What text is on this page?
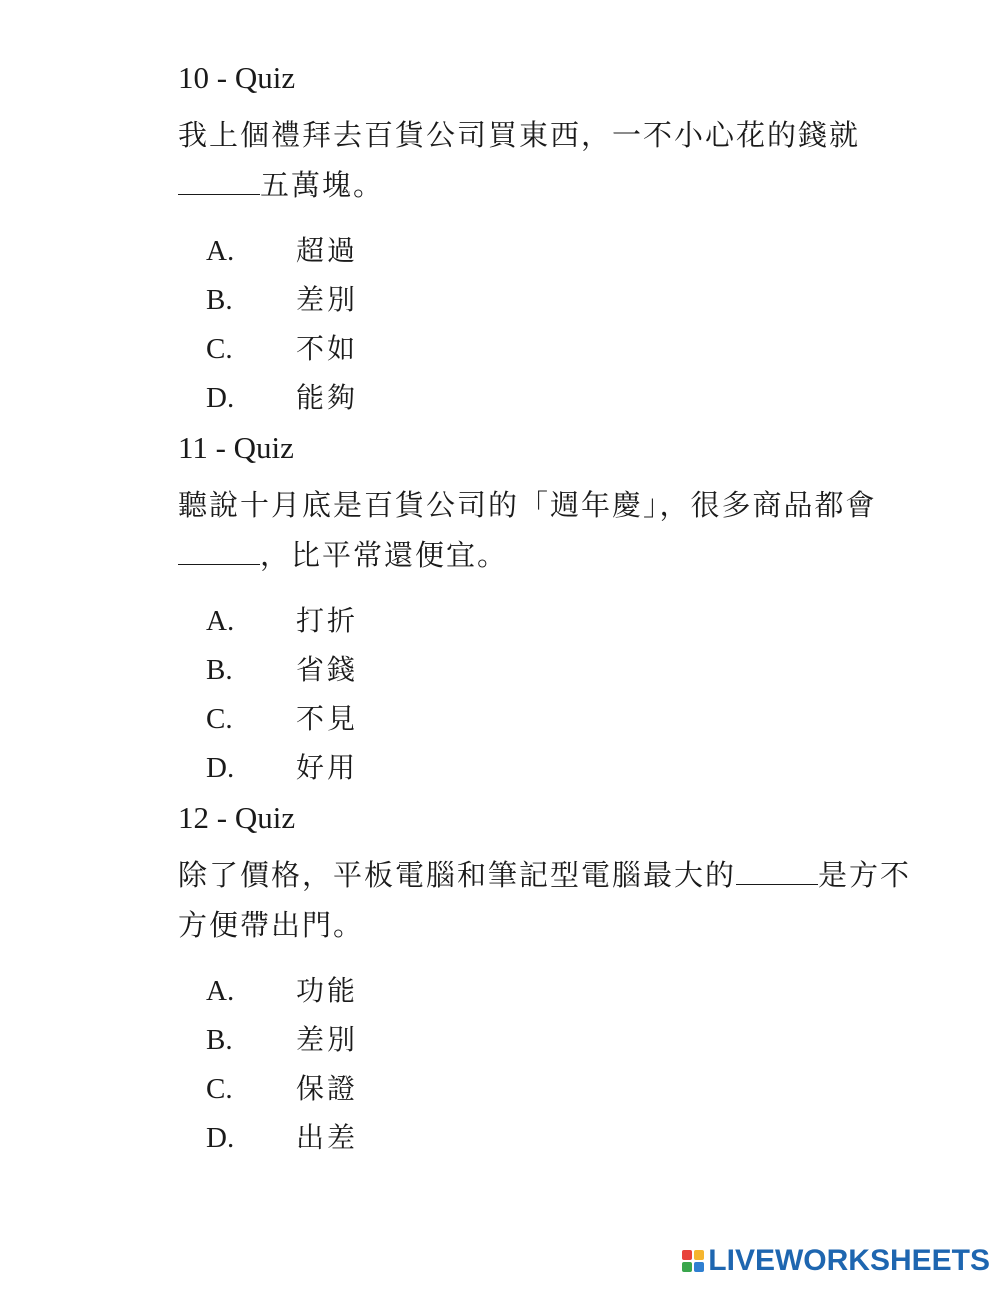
10 - Quiz
我上個禮拜去百貨公司買東西，一不小心花的錢就
五萬塊。
A. 超過
B. 差別
C. 不如
D. 能夠
11 - Quiz
聽說十月底是百貨公司的「週年慶」，很多商品都會
，比平常還便宜。
A. 打折
B. 省錢
C. 不見
D. 好用
12 - Quiz
除了價格，平板電腦和筆記型電腦最大的	是方不方便帶出門。
A. 功能
B. 差別
C. 保證
D. 出差
LIVEWORKSHEETS
